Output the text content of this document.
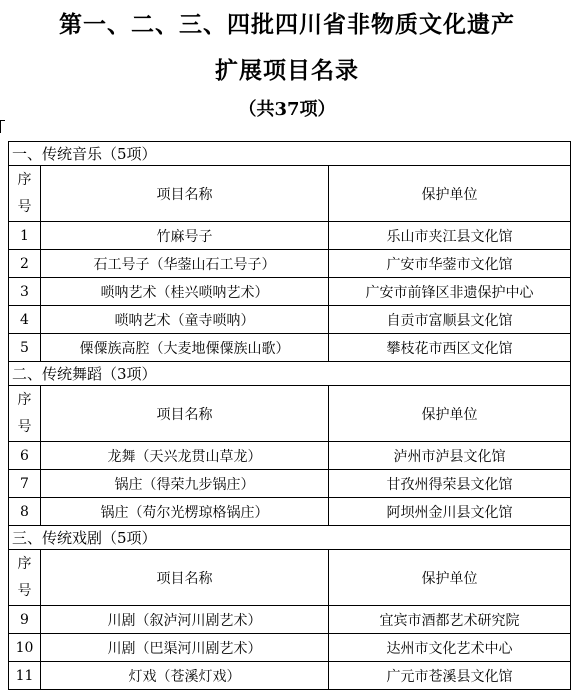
第一、二、三、四批四川省非物质文化遗产
扩展项目名录
（共37项）
一、传统音乐（5项）		

序
号	项目名称	保护单位
1	竹麻号子	乐山市夹江县文化馆
2	石工号子（华蓥山石工号子）	广安市华蓥市文化馆
3	唢呐艺术（桂兴唢呐艺术）	广安市前锋区非遗保护中心
4	唢呐艺术（童寺唢呐）	自贡市富顺县文化馆
5	傈僳族高腔（大麦地傈僳族山歌）	攀枝花市西区文化馆
二、传统舞蹈（3项）		

序
号	项目名称	保护单位
6	龙舞（天兴龙贯山草龙）	泸州市泸县文化馆
7	锅庄（得荣九步锅庄）	甘孜州得荣县文化馆
8	锅庄（苟尔光楞琼格锅庄）	阿坝州金川县文化馆
三、传统戏剧（5项）		

序
号	项目名称	保护单位
9	川剧（叙泸河川剧艺术）	宜宾市酒都艺术研究院
10	川剧（巴渠河川剧艺术）	达州市文化艺术中心
11	灯戏（苍溪灯戏）	广元市苍溪县文化馆
